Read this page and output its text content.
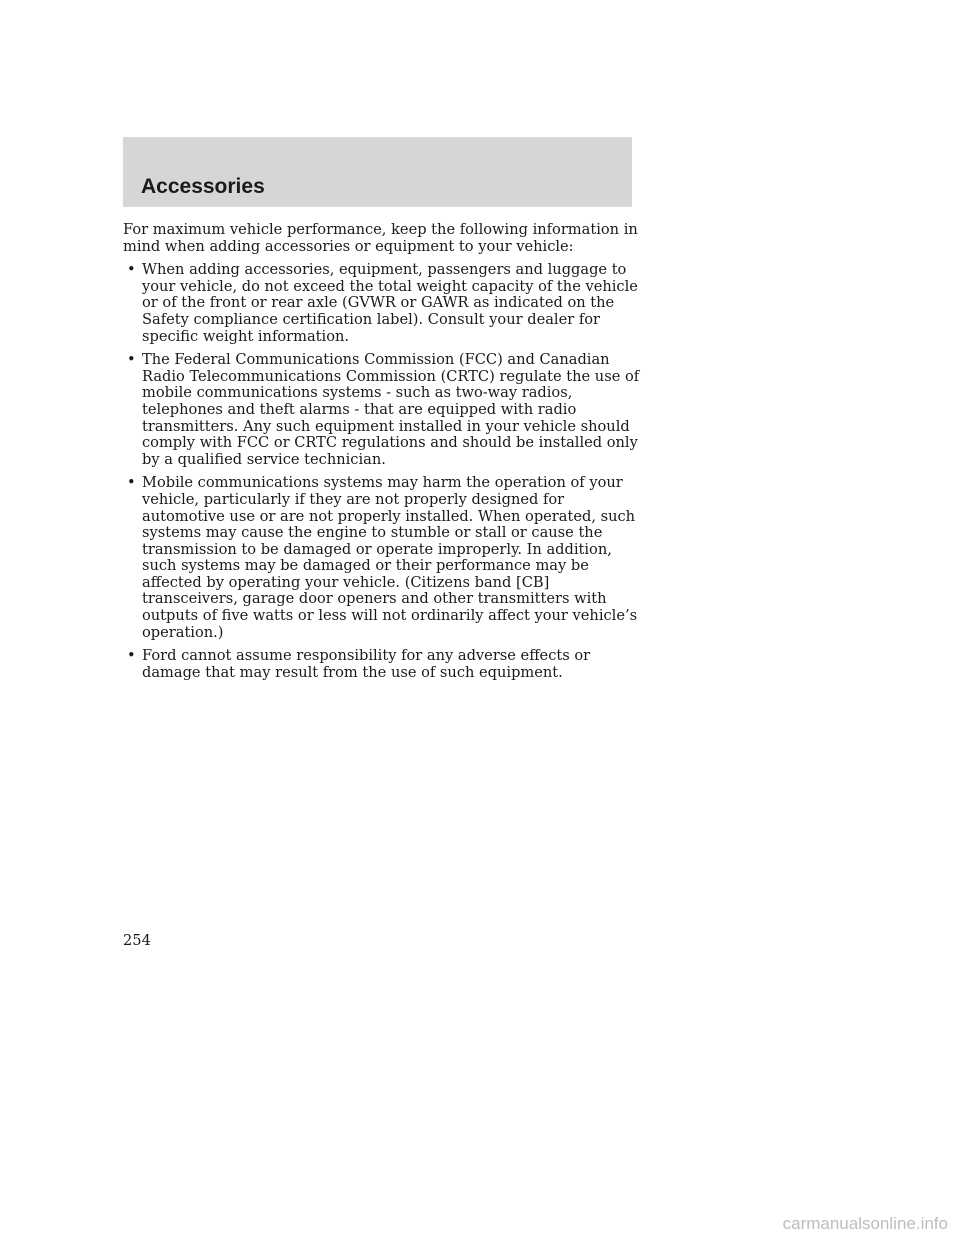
Accessories

For maximum vehicle performance, keep the following information in mind when adding accessories or equipment to your vehicle:

• When adding accessories, equipment, passengers and luggage to your vehicle, do not exceed the total weight capacity of the vehicle or of the front or rear axle (GVWR or GAWR as indicated on the Safety compliance certification label). Consult your dealer for specific weight information.
• The Federal Communications Commission (FCC) and Canadian Radio Telecommunications Commission (CRTC) regulate the use of mobile communications systems - such as two-way radios, telephones and theft alarms - that are equipped with radio transmitters. Any such equipment installed in your vehicle should comply with FCC or CRTC regulations and should be installed only by a qualified service technician.
• Mobile communications systems may harm the operation of your vehicle, particularly if they are not properly designed for automotive use or are not properly installed. When operated, such systems may cause the engine to stumble or stall or cause the transmission to be damaged or operate improperly. In addition, such systems may be damaged or their performance may be affected by operating your vehicle. (Citizens band [CB] transceivers, garage door openers and other transmitters with outputs of five watts or less will not ordinarily affect your vehicle’s operation.)
• Ford cannot assume responsibility for any adverse effects or damage that may result from the use of such equipment.
254
carmanualsonline.info
